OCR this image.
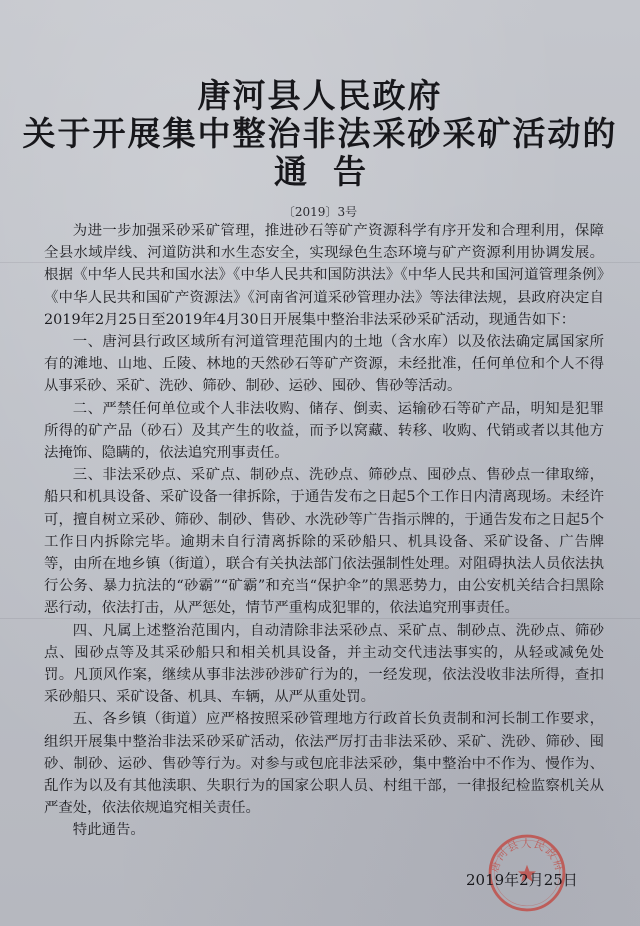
唐河县人民政府
关于开展集中整治非法采砂采矿活动的
通告
〔2019〕3号

为进一步加强采砂采矿管理，推进砂石等矿产资源科学有序开发和合理利用，保障全县水域岸线、河道防洪和水生态安全，实现绿色生态环境与矿产资源利用协调发展。根据《中华人民共和国水法》《中华人民共和国防洪法》《中华人民共和国河道管理条例》《中华人民共和国矿产资源法》《河南省河道采砂管理办法》等法律法规，县政府决定自2019年2月25日至2019年4月30日开展集中整治非法采砂采矿活动，现通告如下：

一、唐河县行政区域所有河道管理范围内的土地（含水库）以及依法确定属国家所有的滩地、山地、丘陵、林地的天然砂石等矿产资源，未经批准，任何单位和个人不得从事采砂、采矿、洗砂、筛砂、制砂、运砂、囤砂、售砂等活动。

二、严禁任何单位或个人非法收购、储存、倒卖、运输砂石等矿产品，明知是犯罪所得的矿产品（砂石）及其产生的收益，而予以窝藏、转移、收购、代销或者以其他方法掩饰、隐瞒的，依法追究刑事责任。

三、非法采砂点、采矿点、制砂点、洗砂点、筛砂点、囤砂点、售砂点一律取缔，船只和机具设备、采矿设备一律拆除，于通告发布之日起5个工作日内清离现场。未经许可，擅自树立采砂、筛砂、制砂、售砂、水洗砂等广告指示牌的，于通告发布之日起5个工作日内拆除完毕。逾期未自行清离拆除的采砂船只、机具设备、采矿设备、广告牌等，由所在地乡镇（街道），联合有关执法部门依法强制性处理。对阻碍执法人员依法执行公务、暴力抗法的“砂霸”“矿霸”和充当“保护伞”的黑恶势力，由公安机关结合扫黑除恶行动，依法打击，从严惩处，情节严重构成犯罪的，依法追究刑事责任。

四、凡属上述整治范围内，自动清除非法采砂点、采矿点、制砂点、洗砂点、筛砂点、囤砂点等及其采砂船只和相关机具设备，并主动交代违法事实的，从轻或减免处罚。凡顶风作案，继续从事非法涉砂涉矿行为的，一经发现，依法没收非法所得，查扣采砂船只、采矿设备、机具、车辆，从严从重处罚。

五、各乡镇（街道）应严格按照采砂管理地方行政首长负责制和河长制工作要求，组织开展集中整治非法采砂采矿活动，依法严厉打击非法采砂、采矿、洗砂、筛砂、囤砂、制砂、运砂、售砂等行为。对参与或包庇非法采砂，集中整治中不作为、慢作为、乱作为以及有其他渎职、失职行为的国家公职人员、村组干部，一律报纪检监察机关从严查处，依法依规追究相关责任。

特此通告。

唐河县人民政府
2019年2月25日
